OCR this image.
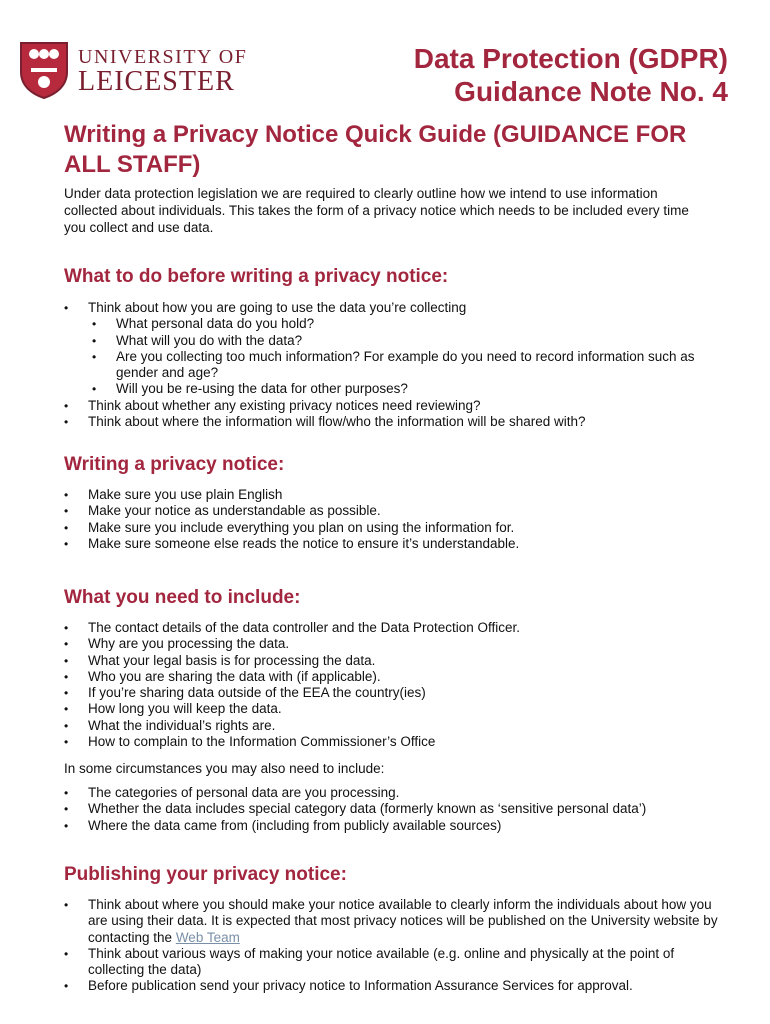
UNIVERSITY OF
LEICESTER
Data Protection (GDPR)
Guidance Note No. 4
Writing a Privacy Notice Quick Guide (GUIDANCE FOR ALL STAFF)

Under data protection legislation we are required to clearly outline how we intend to use information collected about individuals. This takes the form of a privacy notice which needs to be included every time you collect and use data.

What to do before writing a privacy notice:
• Think about how you are going to use the data you’re collecting
• What personal data do you hold?
• What will you do with the data?
• Are you collecting too much information? For example do you need to record information such as gender and age?
• Will you be re-using the data for other purposes?
• Think about whether any existing privacy notices need reviewing?
• Think about where the information will flow/who the information will be shared with?
Writing a privacy notice:
• Make sure you use plain English
• Make your notice as understandable as possible.
• Make sure you include everything you plan on using the information for.
• Make sure someone else reads the notice to ensure it’s understandable.
What you need to include:
• The contact details of the data controller and the Data Protection Officer.
• Why are you processing the data.
• What your legal basis is for processing the data.
• Who you are sharing the data with (if applicable).
• If you’re sharing data outside of the EEA the country(ies)
• How long you will keep the data.
• What the individual’s rights are.
• How to complain to the Information Commissioner’s Office

In some circumstances you may also need to include:

• The categories of personal data are you processing.
• Whether the data includes special category data (formerly known as ‘sensitive personal data’)
• Where the data came from (including from publicly available sources)
Publishing your privacy notice:
• Think about where you should make your notice available to clearly inform the individuals about how you are using their data. It is expected that most privacy notices will be published on the University website by contacting the Web Team
• Think about various ways of making your notice available (e.g. online and physically at the point of collecting the data)
• Before publication send your privacy notice to Information Assurance Services for approval.
